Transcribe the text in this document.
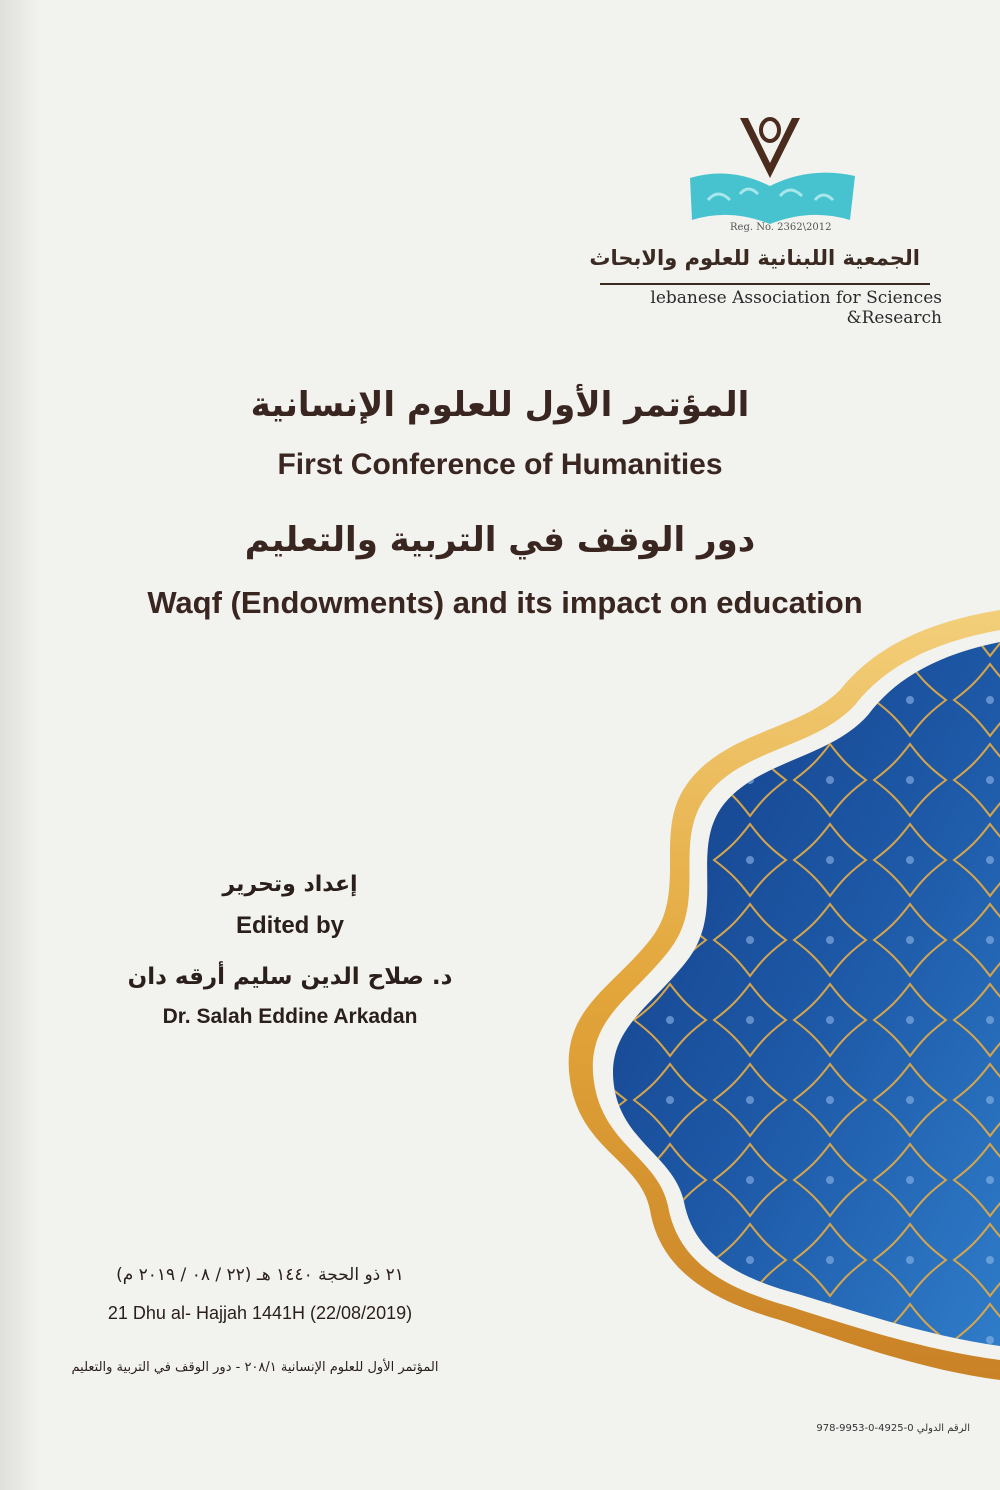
Reg. No. 2362\2012
الجمعية اللبنانية للعلوم والابحاث
lebanese Association for Sciences &Research
المؤتمر الأول للعلوم الإنسانية
First Conference of Humanities
دور الوقف في التربية والتعليم
Waqf (Endowments) and its impact on education
إعداد وتحرير
Edited by
د. صلاح الدين سليم أرقه دان
Dr. Salah Eddine Arkadan
٢١ ذو الحجة ١٤٤٠ هـ (٢٢ / ٠٨ / ٢٠١٩ م)
21 Dhu al- Hajjah 1441H (22/08/2019)
المؤتمر الأول للعلوم الإنسانية ٢٠٨/١ - دور الوقف في التربية والتعليم
الرقم الدولي 0-4925-0-9953-978
